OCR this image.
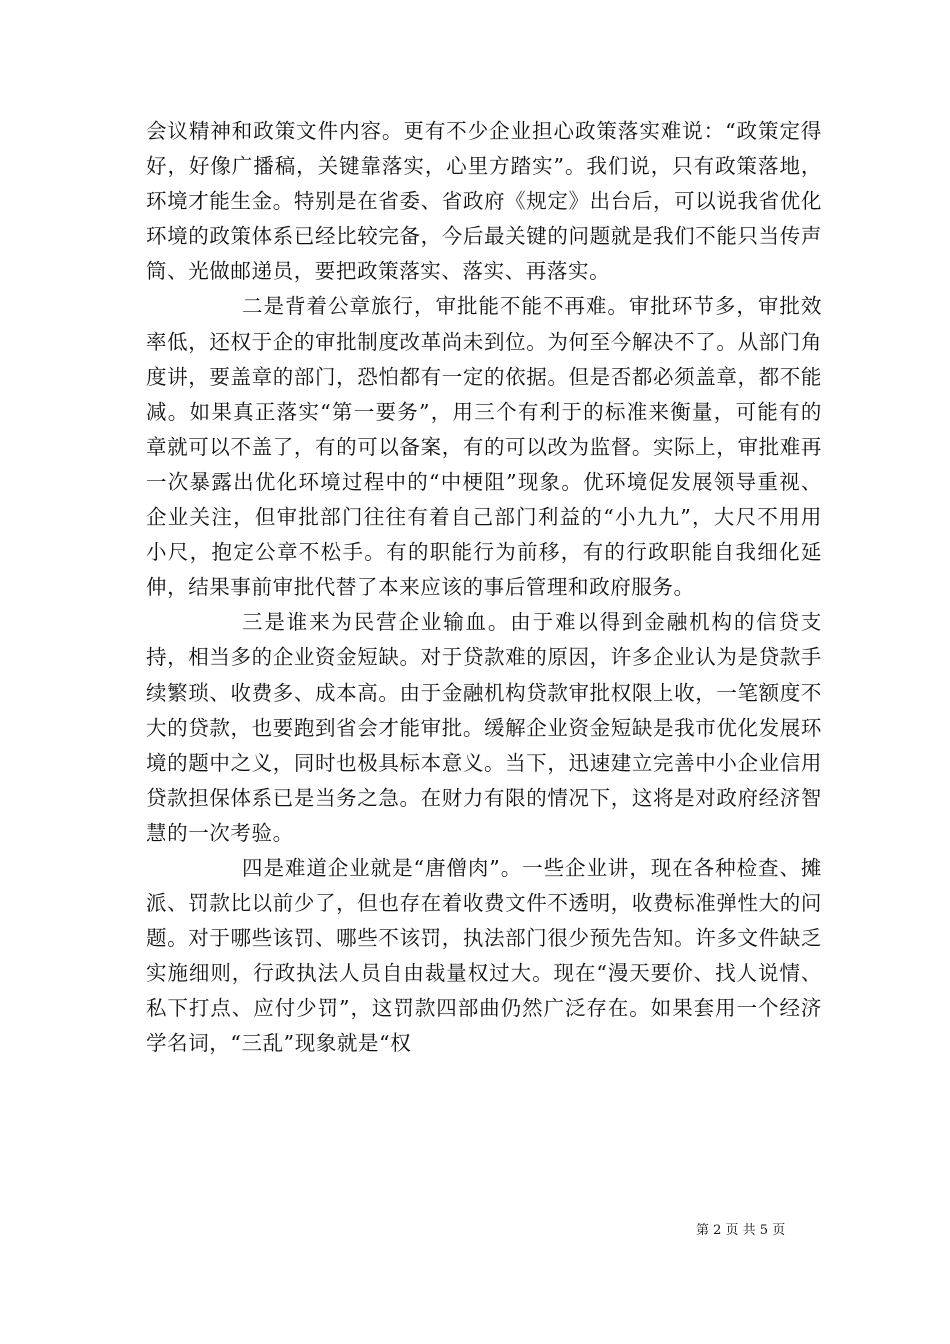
会议精神和政策文件内容。更有不少企业担心政策落实难说：“政策定得好，好像广播稿，关键靠落实，心里方踏实”。我们说，只有政策落地，环境才能生金。特别是在省委、省政府《规定》出台后，可以说我省优化环境的政策体系已经比较完备，今后最关键的问题就是我们不能只当传声筒、光做邮递员，要把政策落实、落实、再落实。

二是背着公章旅行，审批能不能不再难。审批环节多，审批效率低，还权于企的审批制度改革尚未到位。为何至今解决不了。从部门角度讲，要盖章的部门，恐怕都有一定的依据。但是否都必须盖章，都不能减。如果真正落实“第一要务”，用三个有利于的标准来衡量，可能有的章就可以不盖了，有的可以备案，有的可以改为监督。实际上，审批难再一次暴露出优化环境过程中的“中梗阻”现象。优环境促发展领导重视、企业关注，但审批部门往往有着自己部门利益的“小九九”，大尺不用用小尺，抱定公章不松手。有的职能行为前移，有的行政职能自我细化延伸，结果事前审批代替了本来应该的事后管理和政府服务。

三是谁来为民营企业输血。由于难以得到金融机构的信贷支持，相当多的企业资金短缺。对于贷款难的原因，许多企业认为是贷款手续繁琐、收费多、成本高。由于金融机构贷款审批权限上收，一笔额度不大的贷款，也要跑到省会才能审批。缓解企业资金短缺是我市优化发展环境的题中之义，同时也极具标本意义。当下，迅速建立完善中小企业信用贷款担保体系已是当务之急。在财力有限的情况下，这将是对政府经济智慧的一次考验。

四是难道企业就是“唐僧肉”。一些企业讲，现在各种检查、摊派、罚款比以前少了，但也存在着收费文件不透明，收费标准弹性大的问题。对于哪些该罚、哪些不该罚，执法部门很少预先告知。许多文件缺乏实施细则，行政执法人员自由裁量权过大。现在“漫天要价、找人说情、私下打点、应付少罚”，这罚款四部曲仍然广泛存在。如果套用一个经济学名词，“三乱”现象就是“权

第 2 页 共 5 页
